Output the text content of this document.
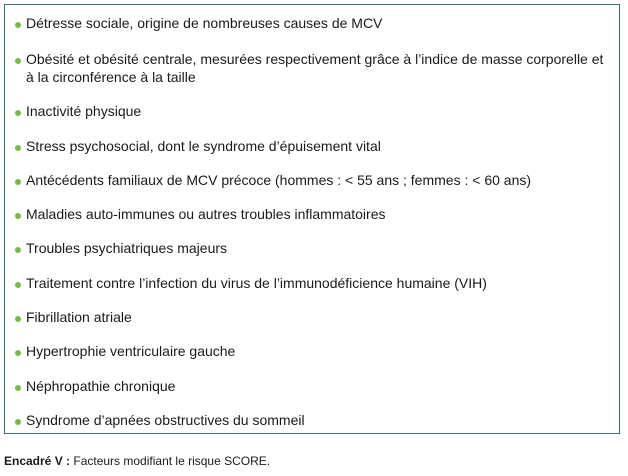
Détresse sociale, origine de nombreuses causes de MCV
Obésité et obésité centrale, mesurées respectivement grâce à l’indice de masse corporelle et à la circonférence à la taille
Inactivité physique
Stress psychosocial, dont le syndrome d’épuisement vital
Antécédents familiaux de MCV précoce (hommes : < 55 ans ; femmes : < 60 ans)
Maladies auto-immunes ou autres troubles inflammatoires
Troubles psychiatriques majeurs
Traitement contre l’infection du virus de l’immunodéficience humaine (VIH)
Fibrillation atriale
Hypertrophie ventriculaire gauche
Néphropathie chronique
Syndrome d’apnées obstructives du sommeil
Encadré V : Facteurs modifiant le risque SCORE.
